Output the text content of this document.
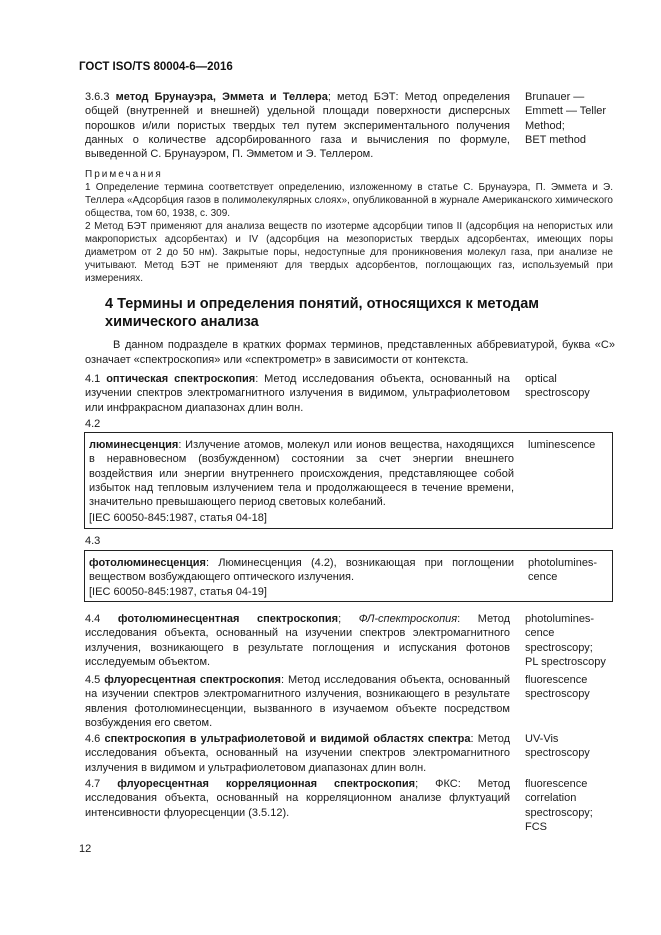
ГОСТ ISO/TS 80004-6—2016
3.6.3 метод Брунауэра, Эммета и Теллера; метод БЭТ: Метод определения общей (внутренней и внешней) удельной площади поверхности дисперсных порошков и/или пористых твердых тел путем экспериментального получения данных о количестве адсорбированного газа и вычисления по формуле, выведенной С. Брунауэром, П. Эмметом и Э. Теллером.
Brunauer —
Emmett — Teller
Method;
BET method

Примечания

1 Определение термина соответствует определению, изложенному в статье С. Брунауэра, П. Эммета и Э. Теллера «Адсорбция газов в полимолекулярных слоях», опубликованной в журнале Американского химического общества, том 60, 1938, с. 309.

2 Метод БЭТ применяют для анализа веществ по изотерме адсорбции типов II (адсорбция на непористых или макропористых адсорбентах) и IV (адсорбция на мезопористых твердых адсорбентах, имеющих поры диаметром от 2 до 50 нм). Закрытые поры, недоступные для проникновения молекул газа, при анализе не учитывают. Метод БЭТ не применяют для твердых адсорбентов, поглощающих газ, используемый при измерениях.

4 Термины и определения понятий, относящихся к методам
химического анализа
В данном подразделе в кратких формах терминов, представленных аббревиатурой, буква «С» означает «спектроскопия» или «спектрометр» в зависимости от контекста.
4.1 оптическая спектроскопия: Метод исследования объекта, основанный на изучении спектров электромагнитного излучения в видимом, ультрафиолетовом или инфракрасном диапазонах длин волн.
optical
spectroscopy
4.2
люминесценция: Излучение атомов, молекул или ионов вещества, находящихся в неравновесном (возбужденном) состоянии за счет энергии внешнего воздействия или энергии внутреннего происхождения, представляющее собой избыток над тепловым излучением тела и продолжающееся в течение времени, значительно превышающего период световых колебаний.
[IEC 60050-845:1987, статья 04-18]
luminescence
4.3
фотолюминесценция: Люминесценция (4.2), возникающая при поглощении веществом возбуждающего оптического излучения.
[IEC 60050-845:1987, статья 04-19]
photolumines-
cence
4.4 фотолюминесцентная спектроскопия; ФЛ-спектроскопия: Метод исследования объекта, основанный на изучении спектров электромагнитного излучения, возникающего в результате поглощения и испускания фотонов исследуемым объектом.
photolumines-
cence
spectroscopy;
PL spectroscopy
4.5 флуоресцентная спектроскопия: Метод исследования объекта, основанный на изучении спектров электромагнитного излучения, возникающего в результате явления фотолюминесценции, вызванного в изучаемом объекте посредством возбуждения его светом.
fluorescence
spectroscopy
4.6 спектроскопия в ультрафиолетовой и видимой областях спектра: Метод исследования объекта, основанный на изучении спектров электромагнитного излучения в видимом и ультрафиолетовом диапазонах длин волн.
UV-Vis
spectroscopy
4.7 флуоресцентная корреляционная спектроскопия; ФКС: Метод исследования объекта, основанный на корреляционном анализе флуктуаций интенсивности флуоресценции (3.5.12).
fluorescence
correlation
spectroscopy;
FCS
12
